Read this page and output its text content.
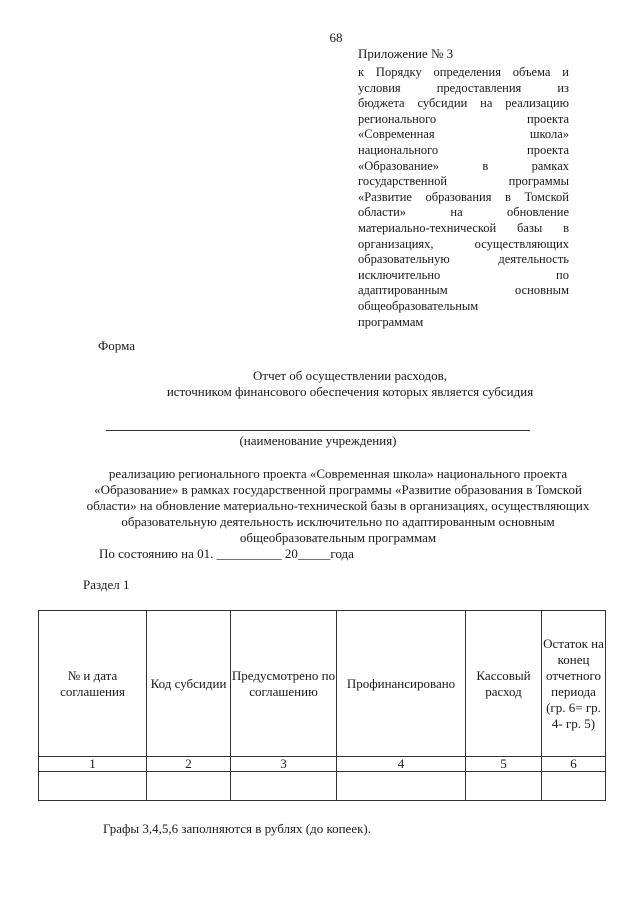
68
Приложение № 3
к Порядку определения объема и
условия предоставления из
бюджета субсидии на реализацию
регионального проекта
«Современная школа»
национального проекта
«Образование» в рамках
государственной программы
«Развитие образования в Томской
области» на обновление
материально-технической базы в
организациях, осуществляющих
образовательную деятельность
исключительно по
адаптированным основным
общеобразовательным
программам
Форма
Отчет об осуществлении расходов,
источником финансового обеспечения которых является субсидия
(наименование учреждения)
реализацию регионального проекта «Современная школа» национального проекта
«Образование» в рамках государственной программы «Развитие образования в Томской
области» на обновление материально-технической базы в организациях, осуществляющих
образовательную деятельность исключительно по адаптированным основным
общеобразовательным программам
По состоянию на 01. __________ 20_____года
Раздел 1
№ и дата соглашения	Код субсидии	Предусмотрено по соглашению	Профинансировано	Кассовый расход	Остаток на конец отчетного периода (гр. 6= гр. 4- гр. 5)
1	2	3	4	5	6

Графы 3,4,5,6 заполняются в рублях (до копеек).
